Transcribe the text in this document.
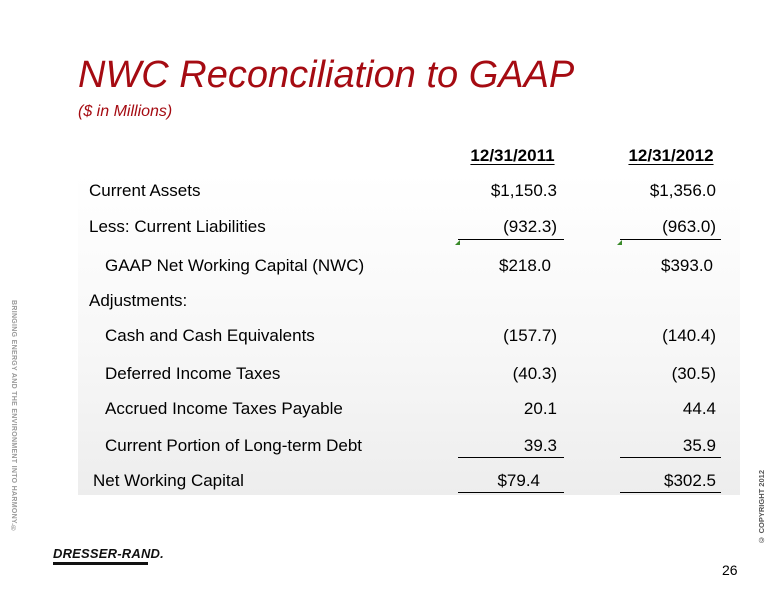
NWC Reconciliation to GAAP
($ in Millions)
12/31/2011	12/31/2012
Current Assets	$1,150.3	$1,356.0
Less: Current Liabilities	(932.3)	(963.0)
GAAP Net Working Capital (NWC)	$218.0	$393.0
Adjustments:
Cash and Cash Equivalents	(157.7)	(140.4)
Deferred Income Taxes	(40.3)	(30.5)
Accrued Income Taxes Payable	20.1	44.4
Current Portion of Long-term Debt	39.3	35.9
Net Working Capital	$79.4	$302.5
BRINGING ENERGY AND THE ENVIRONMENT INTO HARMONY.®	© COPYRIGHT 2012
DRESSER-RAND.
26
